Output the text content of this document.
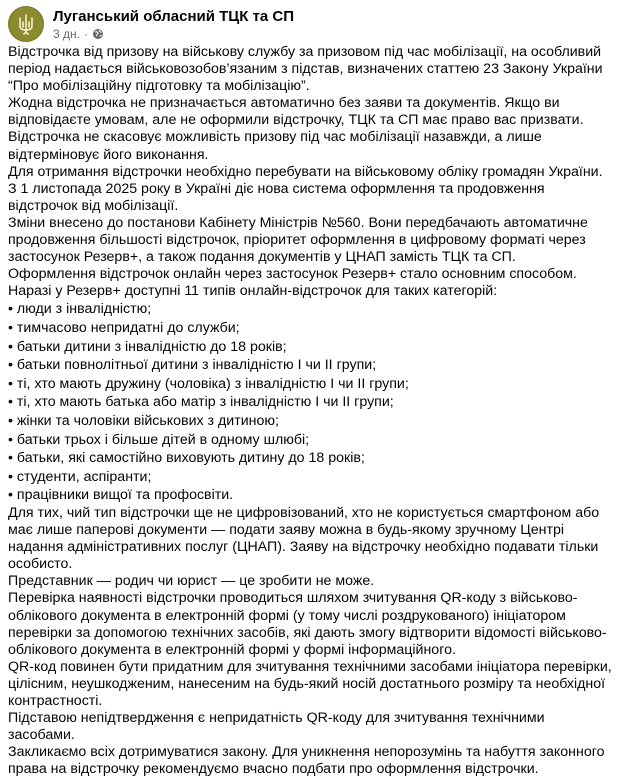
Луганський обласний ТЦК та СП
3 дн. ·

Відстрочка від призову на військову службу за призовом під час мобілізації, на особливий період надається військовозобов’язаним з підстав, визначених статтею 23 Закону України “Про мобілізаційну підготовку та мобілізацію”.

Жодна відстрочка не призначається автоматично без заяви та документів. Якщо ви відповідаєте умовам, але не оформили відстрочку, ТЦК та СП має право вас призвати.

Відстрочка не скасовує можливість призову під час мобілізації назавжди, а лише відтерміновує його виконання.

Для отримання відстрочки необхідно перебувати на військовому обліку громадян України.

З 1 листопада 2025 року в Україні діє нова система оформлення та продовження відстрочок від мобілізації.

Зміни внесено до постанови Кабінету Міністрів №560. Вони передбачають автоматичне продовження більшості відстрочок, пріоритет оформлення в цифровому форматі через застосунок Резерв+, а також подання документів у ЦНАП замість ТЦК та СП.

Оформлення відстрочок онлайн через застосунок Резерв+ стало основним способом.

Наразі у Резерв+ доступні 11 типів онлайн-відстрочок для таких категорій:

• люди з інвалідністю;
• тимчасово непридатні до служби;
• батьки дитини з інвалідністю до 18 років;
• батьки повнолітньої дитини з інвалідністю I чи II групи;
• ті, хто мають дружину (чоловіка) з інвалідністю I чи II групи;
• ті, хто мають батька або матір з інвалідністю I чи II групи;
• жінки та чоловіки військових з дитиною;
• батьки трьох і більше дітей в одному шлюбі;
• батьки, які самостійно виховують дитину до 18 років;
• студенти, аспіранти;
• працівники вищої та профосвіти.

Для тих, чий тип відстрочки ще не цифровізований, хто не користується смартфоном або має лише паперові документи — подати заяву можна в будь-якому зручному Центрі надання адміністративних послуг (ЦНАП). Заяву на відстрочку необхідно подавати тільки особисто.

Представник — родич чи юрист — це зробити не може.

Перевірка наявності відстрочки проводиться шляхом зчитування QR-коду з військово-облікового документа в електронній формі (у тому числі роздрукованого) ініціатором перевірки за допомогою технічних засобів, які дають змогу відтворити відомості військово-облікового документа в електронній формі у формі інформаційного.

QR-код повинен бути придатним для зчитування технічними засобами ініціатора перевірки, цілісним, неушкодженим, нанесеним на будь-який носій достатнього розміру та необхідної контрастності.

Підставою непідтвердження є непридатність QR-коду для зчитування технічними засобами.

Закликаємо всіх дотримуватися закону. Для уникнення непорозумінь та набуття законного права на відстрочку рекомендуємо вчасно подбати про оформлення відстрочки.
